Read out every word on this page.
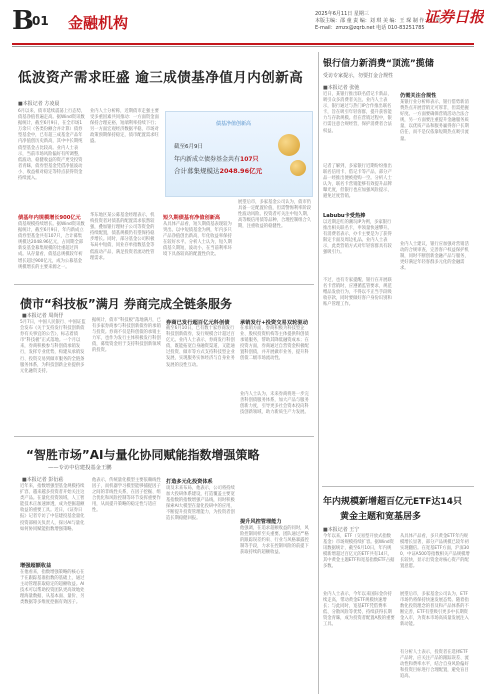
B
01 金融机构	2025年6月11日 星期三
本版主编：邵 童 责 编：刘 琪 美 编：王 琛 制 作：王 梓
E-mail：zmzx@zqrb.net 电话 010-83251785
证券日报
低波资产需求旺盛 逾三成债基净值月内创新高
■本报记者 方凌晨
6月以来，债市延续震荡上行态势，债基净值普遍走高。据Wind资讯数据统计，截至6月9日，在全市场1万余只（各类份额合并计算）债券型基金中，已有超三成基金产品年内净值创历史新高，其中中长期纯债型基金占比较高。业内人士表示，当前市场风险偏好有所调整，低波动、稳健收益的资产更受投资者青睐，债券型基金凭借净值波动小、收益相对稳定等特点获得资金持续流入。
业内人士分析称，近期债市走强主要受多重因素共同推动：一方面资金面保持合理充裕，短端利率持续下行；另一方面宏观经济数据平稳，市场对政策预期保持稳定，债市配置需求旺盛。
债基净值创新高
截至6月9日
年内新成立债券基金共有107只
合计募集规模达2048.96亿元
债基年内规模增长900亿元
债基规模持续增长。据Wind资讯数据统计，截至6月9日，年内新成立债券型基金共有107只，合计募集规模达2048.96亿元，占同期全部新发基金募集规模的比重超过四成。从存量看，债基总规模较年初增长超过900亿元，成为公募基金规模增长的主要来源之一。
华东地区某公募基金经理表示，机构投资者对债基的配置需求依然较强，叠加银行理财子公司等资金的持续配置，债基规模仍有望保持稳步增长。同时，部分基金公司积极布局中短债、同业存单指数基金等低波动产品，满足投资者流动性管理需求。
短久期债基有净值创新高
从具体产品看，短久期债基表现较为突出。以中短债基金为例，年内多只产品净值创出新高，年化收益率保持在较好水平。分析人士认为，短久期债基久期短、波动小，在当前利率环境下具备较高的配置性价比。
展望后市，多家基金公司认为，债市仍具备一定配置价值，但需警惕利率阶段性波动风险。投资者可关注中短久期、高等级信用债等品种，合理控制组合久期，注重收益的稳健性。
债市“科技板”满月 券商完成全链条服务
■本报记者 周尚伃
5月7日，中国人民银行、中国证监会发布《关于支持发行科技创新债券有关事宜的公告》，标志着债市“科技板”正式落地。一个月以来，券商积极参与科创债承销发行，发挥专业优势，构建从承销发行、投资交易到做市服务的全链条服务体系，为科技创新企业提供多元化融资支持。
据统计，债市“科技板”落地满月，已有多家券商参与科技创新债券的承销与投资。券商不仅是科创债的承销主力军，也作为发行主体积极发行科创债，募集资金用于支持科技创新领域的投资。
券商已发行超百亿元科创债
截至6月10日，已有数十家券商发行科技创新债券，发行规模合计超过百亿元。业内人士表示，券商发行科创债，既能拓宽自身融资渠道，又能通过投资、做市等方式支持科技型企业发展，实现服务实体经济与自身业务发展的良性互动。
承销发行+投资交易双轮驱动
在承销方面，券商积极为科技型企业、股权投资机构等主体提供科创债承销服务，帮助其降低融资成本；在投资方面，券商通过自营资金积极配置科创债，并开展做市业务，提升科创债二级市场流动性。
业内人士认为，未来券商将进一步完善科创债服务体系，加大产品与服务创新力度，引导更多社会资本投向科技创新领域，助力新质生产力发展。
“智胜市场”AI与量化协同赋能指数增强策略
——专访中信建投基金王鹏
■本报记者 彭衍菘
近年来，指数增强型基金规模持续扩容，越来越多投资者开始关注这类产品。在量化投资领域，人工智能技术正加速渗透，成为挖掘超额收益的重要工具。近日，《证券日报》记者专访了中信建投基金量化投资部相关负责人，探讨AI与量化如何协同赋能指数增强策略。
增强超额收益
在他看来，指数增强策略的核心在于在跟踪基准指数的基础上，通过主动管理获取稳定的超额收益。AI技术可以帮助投资团队更高效地处理海量数据，从基本面、量价、另类数据等多维度挖掘有效因子。
他表示，传统量化模型主要依赖线性因子，而机器学习模型能够捕捉因子之间的非线性关系，在因子挖掘、组合优化和风险控制等环节发挥重要作用，从而提升策略的稳定性与适应性。
打造多元化投资体系
谈及未来布局，他表示，公司将持续加大投研体系建设，打造覆盖主要宽基指数的指数增强产品线，同时积极探索AI大模型在量化投研中的应用，不断提升投资管理能力，为投资者创造长期稳健回报。
提升风控管理能力
他强调，在追求超额收益的同时，风险控制同样至关重要。团队通过严格的跟踪误差约束、行业与风格暴露控制等手段，力求在控制风险的前提下获取持续的超额收益。
银行信力新消费“顶流”揽储
受访专家提示，勿要打金合规性
■本报记者 张弛
近日，某银行推出联名借记卡新品，吸引众多消费者关注。业内人士表示，银行通过与热门IP合作推出联名卡，旨在吸引年轻客群，提升获客能力与存款规模。但在营销过程中，银行需注意合规经营，保护消费者合法权益。
记者了解到，多家银行近期纷纷推出联名信用卡、借记卡等产品，部分产品一经推出便被抢购一空。分析人士认为，联名卡营销能够有效提升品牌曝光度，但银行也应加强风险提示，避免过度营销。
Labubu卡受热捧
以近期走红的潮玩IP为例，多家银行推出相关联名卡，申领量快速攀升。有消费者表示，办卡主要是为了获得限定卡面及周边礼品。业内人士表示，此类营销方式对年轻客群具有较强吸引力。
不过，也有专家提醒，银行在开展联名卡营销时，应遵循监管要求，规范赠品发放行为，不得以不正当手段吸收存款，同时要做好客户身份识别和账户管理工作。
仍需关注合规性
某银行业分析师表示，银行借势新消费热点开展营销无可厚非，但需把握好度。一方面要确保营销活动合法合规，另一方面要注重提升金融服务质量，以优质产品和服务赢得客户长期信任，而不是仅依靠短期热点吸引流量。
业内人士建议，银行应加强对营销活动的合规审查，完善客户权益保护机制，同时不断创新金融产品与服务，更好满足年轻客群多元化的金融需求。
年内规模新增超百亿元ETF达14只
黄金主题和宽基居多
■本报记者 王宁
今年以来，ETF（交易型开放式指数基金）市场规模持续扩容。据Wind资讯数据统计，截至6月10日，年内规模新增超过百亿元的ETF共有14只，其中黄金主题ETF和宽基指数ETF占据多数。
业内人士表示，今年以来国际金价持续走高，带动黄金ETF规模快速增长；与此同时，宽基ETF凭借费率低、分散风险等优势，持续获得长期资金青睐，成为投资者配置A股的重要工具。
从具体产品看，多只黄金ETF年内规模增长显著，部分产品规模已较年初实现翻倍。在宽基ETF方面，沪深300、中证A500等指数相关产品规模增长较快，显示出资金对核心资产的配置意愿。
展望后市，多家基金公司认为，ETF市场仍将保持快速发展态势。随着指数化投资理念的普及和产品体系的不断完善，ETF有望吸引更多中长期资金入市，为资本市场高质量发展注入新动能。
有分析人士表示，投资者在选择ETF产品时，应关注产品的跟踪误差、流动性和费率水平，结合自身风险偏好和投资目标进行合理配置，避免盲目追高。
